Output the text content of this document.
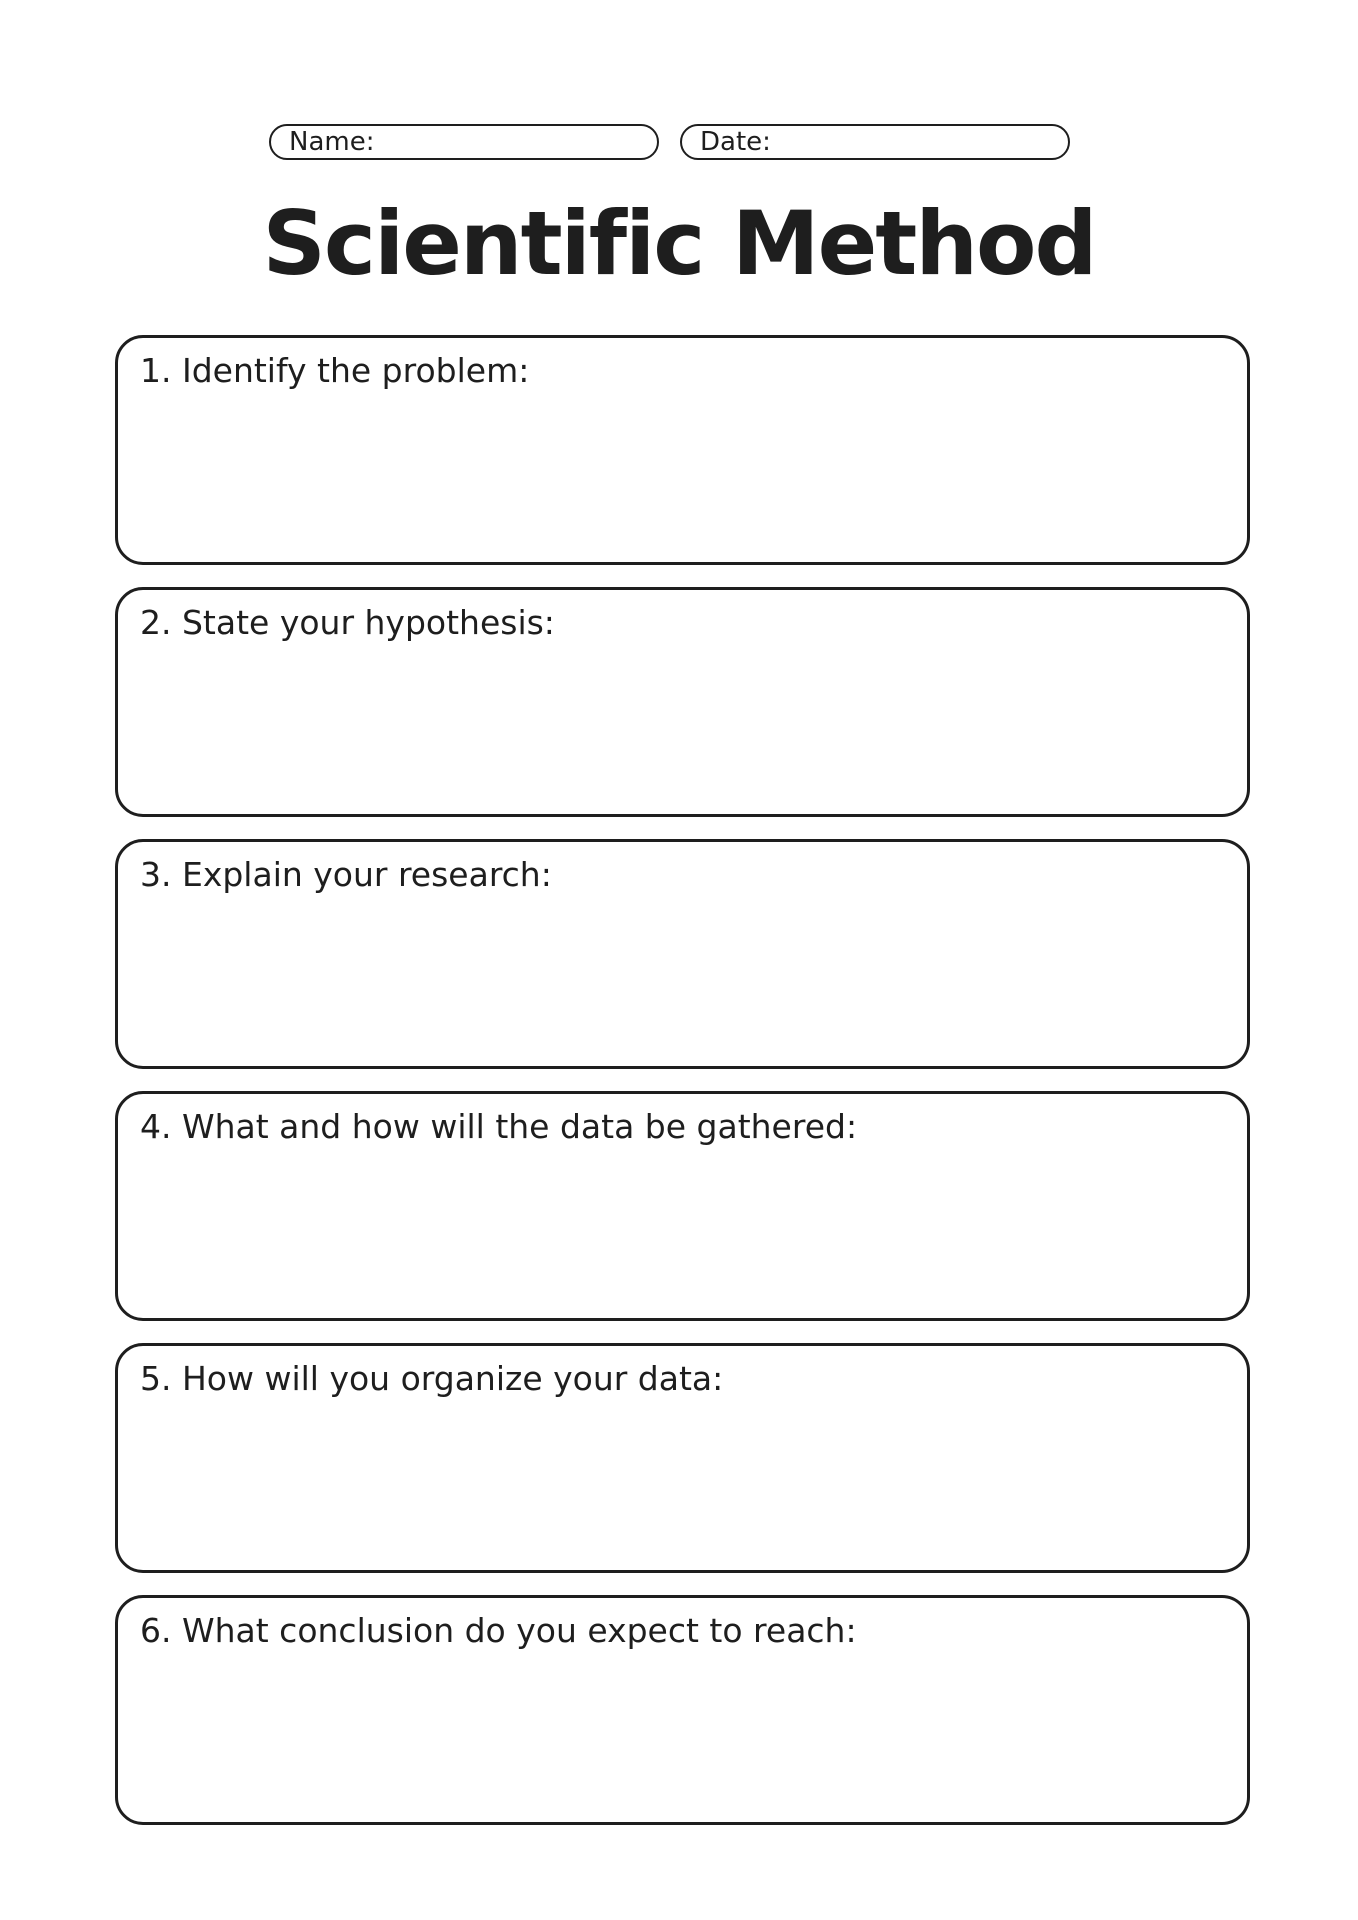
Name:	Date:
Scientific Method
1. Identify the problem:
2. State your hypothesis:
3. Explain your research:
4. What and how will the data be gathered:
5. How will you organize your data:
6. What conclusion do you expect to reach:
